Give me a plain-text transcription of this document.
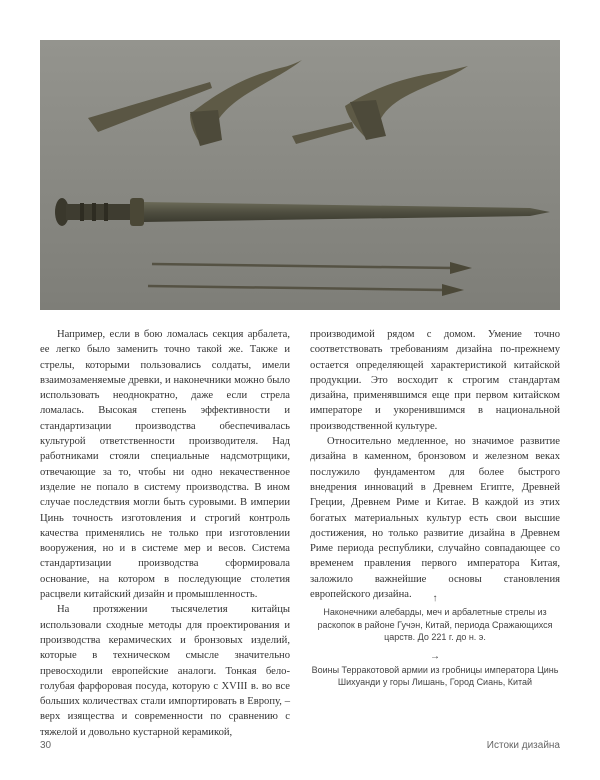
Например, если в бою ломалась секция арбалета, ее легко было заменить точно такой же. Также и стрелы, которыми пользовались солдаты, имели взаимозаменяемые древки, и наконечники можно было использовать неоднократно, даже если стрела ломалась. Высокая степень эффективности и стандартизации производства обеспечивалась культурой ответственности производителя. Над работниками стояли специальные надсмотрщики, отвечающие за то, чтобы ни одно некачественное изделие не попало в систему производства. В ином случае последствия могли быть суровыми. В империи Цинь точность изготовления и строгий контроль качества применялись не только при изготовлении вооружения, но и в системе мер и весов. Система стандартизации производства сформировала основание, на котором в последующие столетия расцвели китайский дизайн и промышленность.

На протяжении тысячелетия китайцы использовали сходные методы для проектирования и производства керамических и бронзовых изделий, которые в техническом смысле значительно превосходили европейские аналоги. Тонкая бело-голубая фарфоровая посуда, которую с XVIII в. во все больших количествах стали импортировать в Европу, – верх изящества и современности по сравнению с тяжелой и довольно кустарной керамикой,

производимой рядом с домом. Умение точно соответствовать требованиям дизайна по-прежнему остается определяющей характеристикой китайской продукции. Это восходит к строгим стандартам дизайна, применявшимся еще при первом китайском императоре и укоренившимся в национальной производственной культуре.

Относительно медленное, но значимое развитие дизайна в каменном, бронзовом и железном веках послужило фундаментом для более быстрого внедрения инноваций в Древнем Египте, Древней Греции, Древнем Риме и Китае. В каждой из этих богатых материальных культур есть свои высшие достижения, но только развитие дизайна в Древнем Риме периода республики, случайно совпадающее со временем правления первого императора Китая, заложило важнейшие основы становления европейского дизайна.	↑

Наконечники алебарды, меч и арбалетные стрелы из раскопок в районе Гучэн, Китай, периода Сражающихся царств. До 221 г. до н. э.

→

Воины Терракотовой армии из гробницы императора Цинь Шихуанди у горы Лишань, Город Сиань, Китай

30	Истоки дизайна
